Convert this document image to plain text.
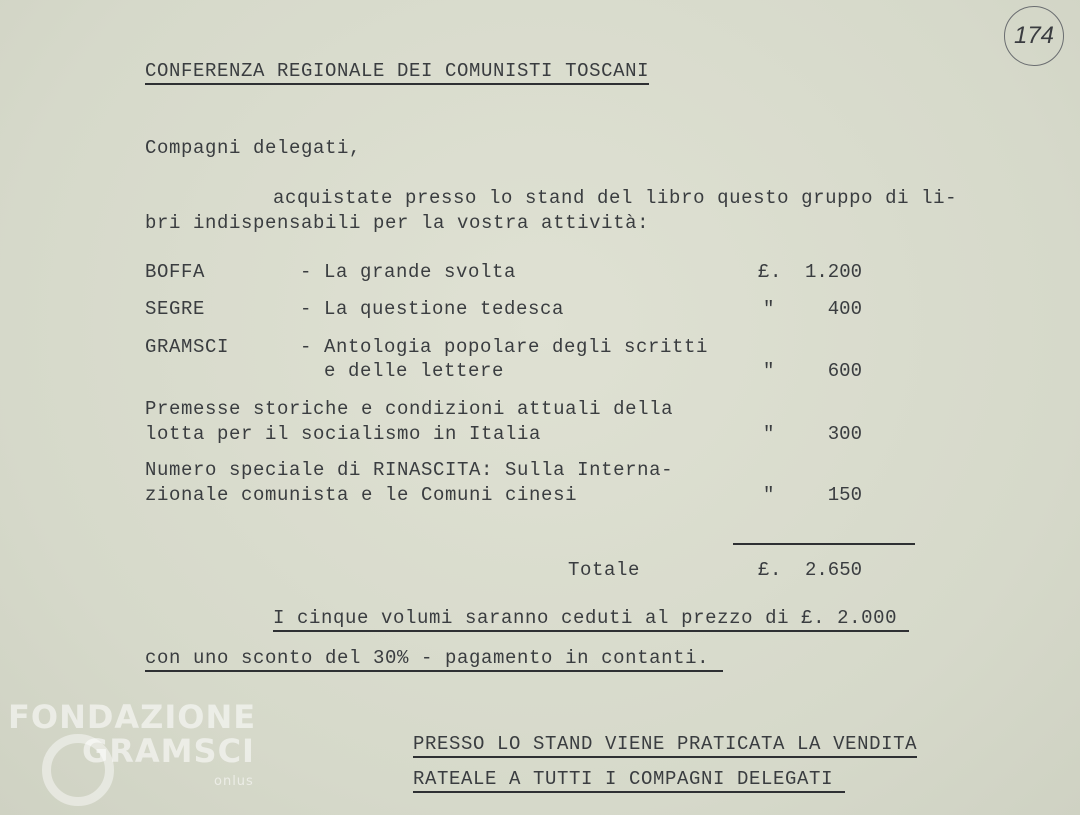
174
CONFERENZA REGIONALE DEI COMUNISTI TOSCANI
Compagni delegati,
acquistate presso lo stand del libro questo gruppo di li-
bri indispensabili per la vostra attività:
BOFFA	- La grande svolta	£. 1.200
SEGRE	- La questione tedesca	"	400
GRAMSCI	- Antologia popolare degli scritti
e delle lettere	"	600
Premesse storiche e condizioni attuali della
lotta per il socialismo in Italia	"	300
Numero speciale di RINASCITA: Sulla Interna-
zionale comunista e le Comuni cinesi	"	150
Totale	£. 2.650
I cinque volumi saranno ceduti al prezzo di £. 2.000
con uno sconto del 30% - pagamento in contanti.
PRESSO LO STAND VIENE PRATICATA LA VENDITA
RATEALE A TUTTI I COMPAGNI DELEGATI
FONDAZIONE
GRAMSCI
onlus
